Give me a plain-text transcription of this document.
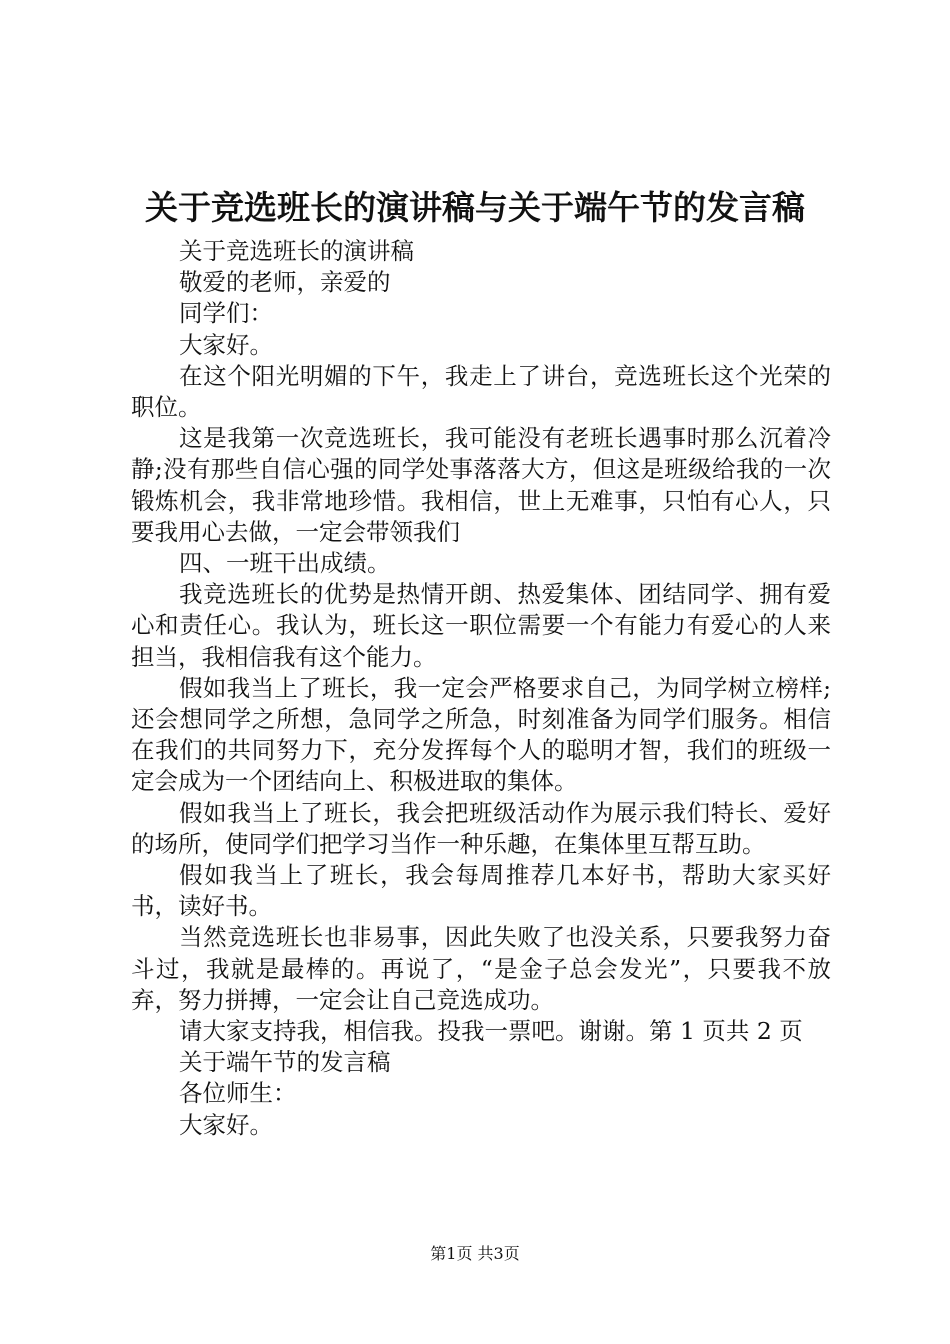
关于竞选班长的演讲稿与关于端午节的发言稿

关于竞选班长的演讲稿

敬爱的老师，亲爱的

同学们：

大家好。

在这个阳光明媚的下午，我走上了讲台，竞选班长这个光荣的职位。

这是我第一次竞选班长，我可能没有老班长遇事时那么沉着冷静;没有那些自信心强的同学处事落落大方，但这是班级给我的一次锻炼机会，我非常地珍惜。我相信，世上无难事，只怕有心人，只要我用心去做，一定会带领我们

四、一班干出成绩。

我竞选班长的优势是热情开朗、热爱集体、团结同学、拥有爱心和责任心。我认为，班长这一职位需要一个有能力有爱心的人来担当，我相信我有这个能力。

假如我当上了班长，我一定会严格要求自己，为同学树立榜样;还会想同学之所想，急同学之所急，时刻准备为同学们服务。相信在我们的共同努力下，充分发挥每个人的聪明才智，我们的班级一定会成为一个团结向上、积极进取的集体。

假如我当上了班长，我会把班级活动作为展示我们特长、爱好的场所，使同学们把学习当作一种乐趣，在集体里互帮互助。

假如我当上了班长，我会每周推荐几本好书，帮助大家买好书，读好书。

当然竞选班长也非易事，因此失败了也没关系，只要我努力奋斗过，我就是最棒的。再说了，“是金子总会发光”，只要我不放弃，努力拼搏，一定会让自己竞选成功。

请大家支持我，相信我。投我一票吧。谢谢。第 1 页共 2 页

关于端午节的发言稿

各位师生：

大家好。

第1页 共3页
